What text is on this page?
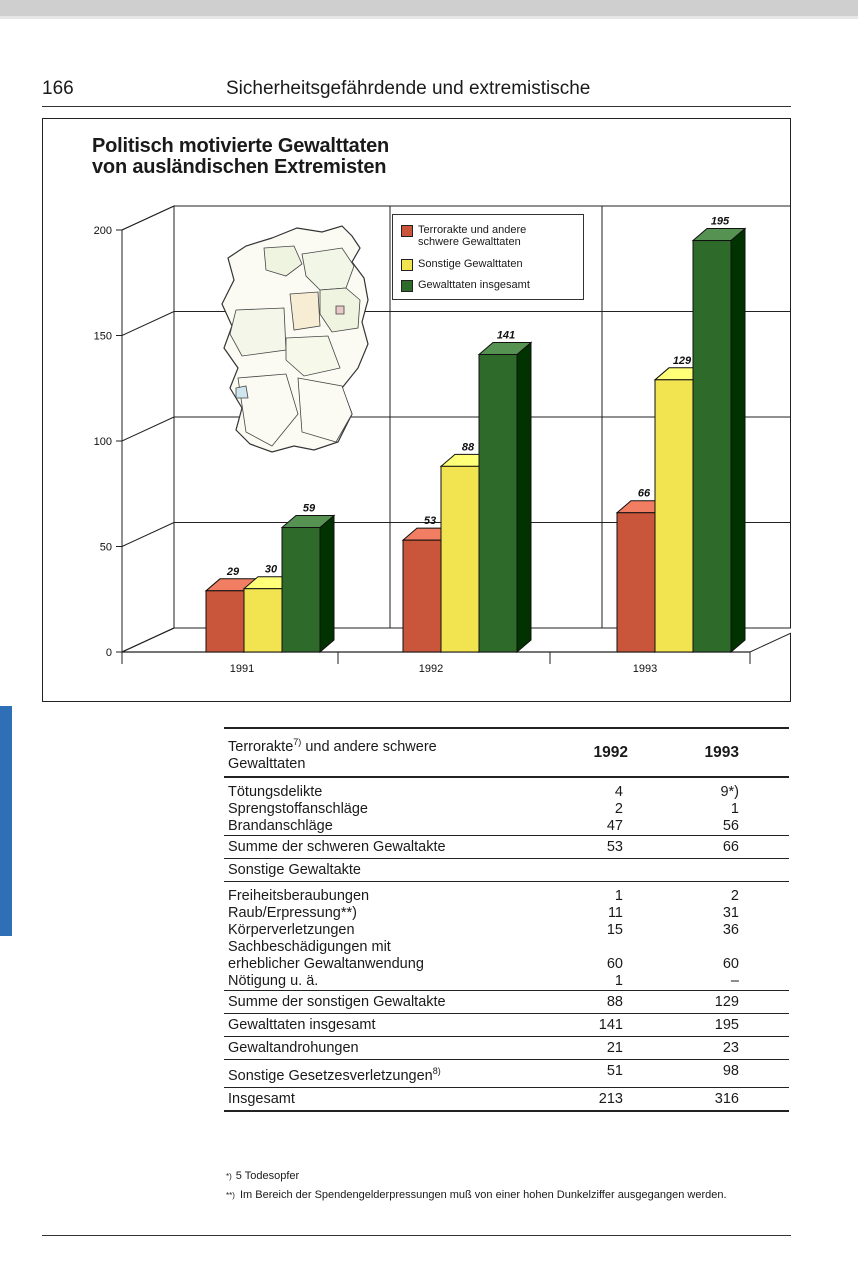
166	Sicherheitsgefährdende und extremistische
0
50
100
150
200
29 30
59
1991
53
88
141
1992
66
129
195
1993
Politisch motivierte Gewalttaten
von ausländischen Extremisten
Terrorakte und andere
schwere Gewalttaten
Sonstige Gewalttaten
Gewalttaten insgesamt
Terrorakte$^{7)}$ und andere schwere
Gewalttaten	1992	1993
Tötungsdelikte	4	9*)
Sprengstoffanschläge	2	1
Brandanschläge	47	56
Summe der schweren Gewaltakte	53	66
Sonstige Gewaltakte		
Freiheitsberaubungen	1	2
Raub/Erpressung**)	11	31
Körperverletzungen	15	36
Sachbeschädigungen mit		
erheblicher Gewaltanwendung	60	60
Nötigung u. ä.	1	–
Summe der sonstigen Gewaltakte	88	129
Gewalttaten insgesamt	141	195
Gewaltandrohungen	21	23
Sonstige Gesetzesverletzungen$^{8)}$	51	98
Insgesamt	213	316
*) 5 Todesopfer
**) Im Bereich der Spendengelderpressungen muß von einer hohen Dunkelziffer ausgegangen werden.
